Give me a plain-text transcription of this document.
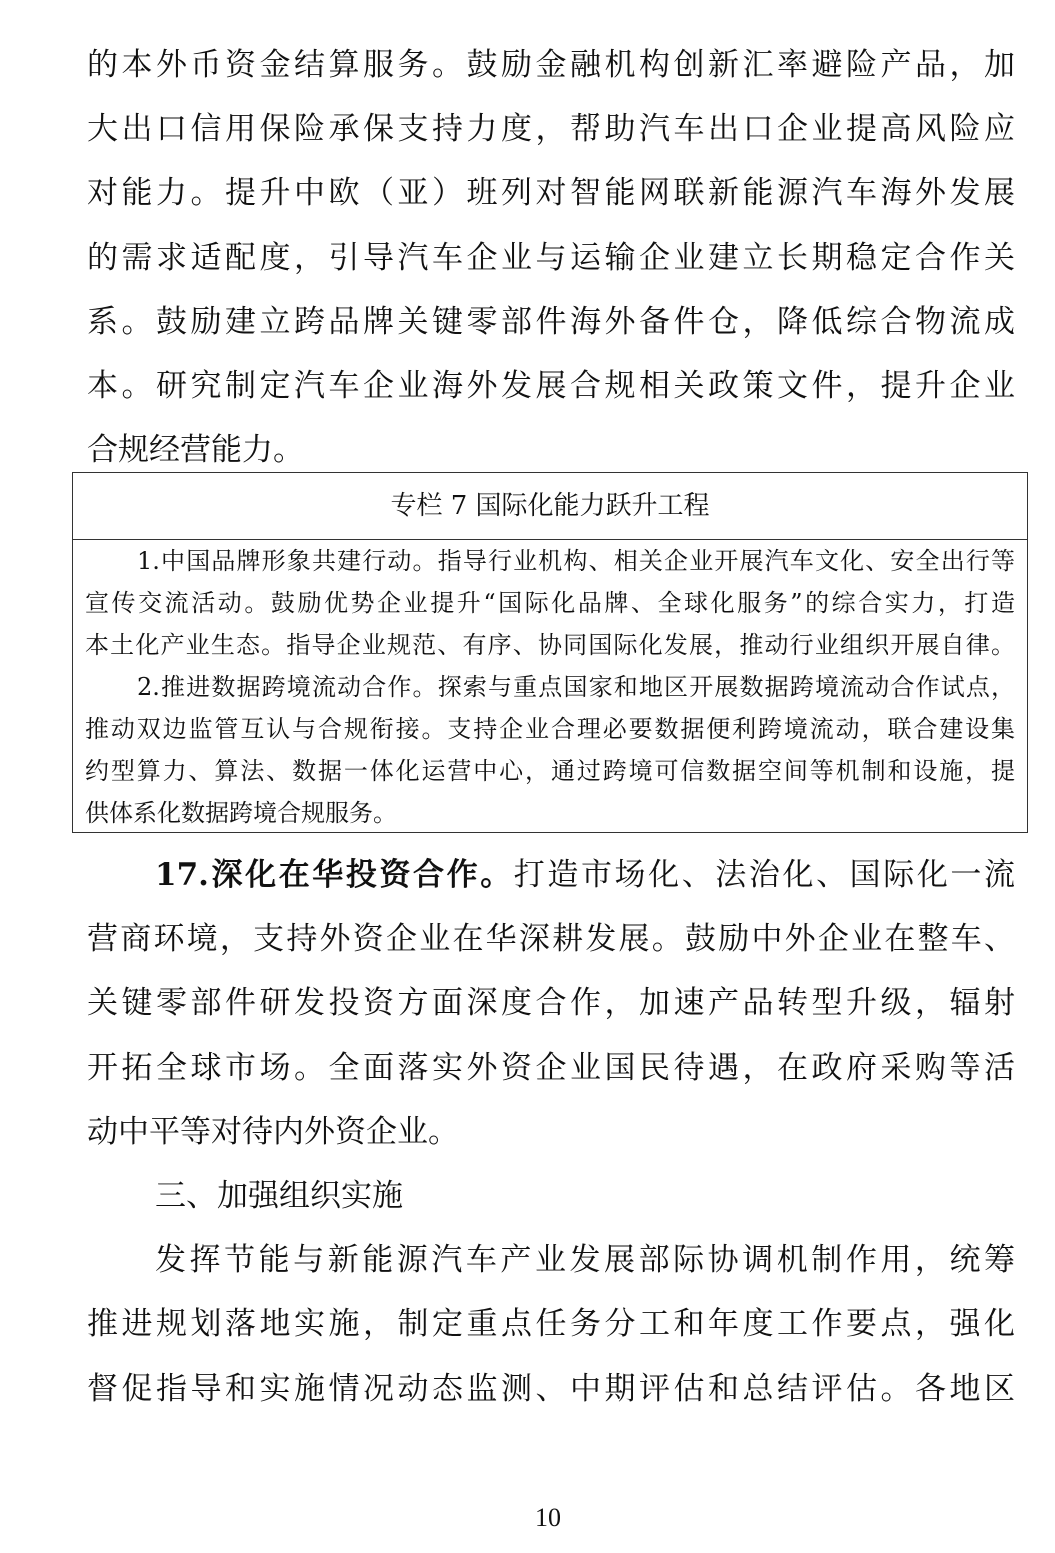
的本外币资金结算服务。鼓励金融机构创新汇率避险产品，加
大出口信用保险承保支持力度，帮助汽车出口企业提高风险应
对能力。提升中欧（亚）班列对智能网联新能源汽车海外发展
的需求适配度，引导汽车企业与运输企业建立长期稳定合作关
系。鼓励建立跨品牌关键零部件海外备件仓，降低综合物流成
本。研究制定汽车企业海外发展合规相关政策文件，提升企业
合规经营能力。
专栏 7 国际化能力跃升工程
1.中国品牌形象共建行动。指导行业机构、相关企业开展汽车文化、安全出行等
宣传交流活动。鼓励优势企业提升“国际化品牌、全球化服务”的综合实力，打造
本土化产业生态。指导企业规范、有序、协同国际化发展，推动行业组织开展自律。
2.推进数据跨境流动合作。探索与重点国家和地区开展数据跨境流动合作试点，
推动双边监管互认与合规衔接。支持企业合理必要数据便利跨境流动，联合建设集
约型算力、算法、数据一体化运营中心，通过跨境可信数据空间等机制和设施，提
供体系化数据跨境合规服务。
17.深化在华投资合作。打造市场化、法治化、国际化一流
营商环境，支持外资企业在华深耕发展。鼓励中外企业在整车、
关键零部件研发投资方面深度合作，加速产品转型升级，辐射
开拓全球市场。全面落实外资企业国民待遇，在政府采购等活
动中平等对待内外资企业。
三、加强组织实施
发挥节能与新能源汽车产业发展部际协调机制作用，统筹
推进规划落地实施，制定重点任务分工和年度工作要点，强化
督促指导和实施情况动态监测、中期评估和总结评估。各地区
10
